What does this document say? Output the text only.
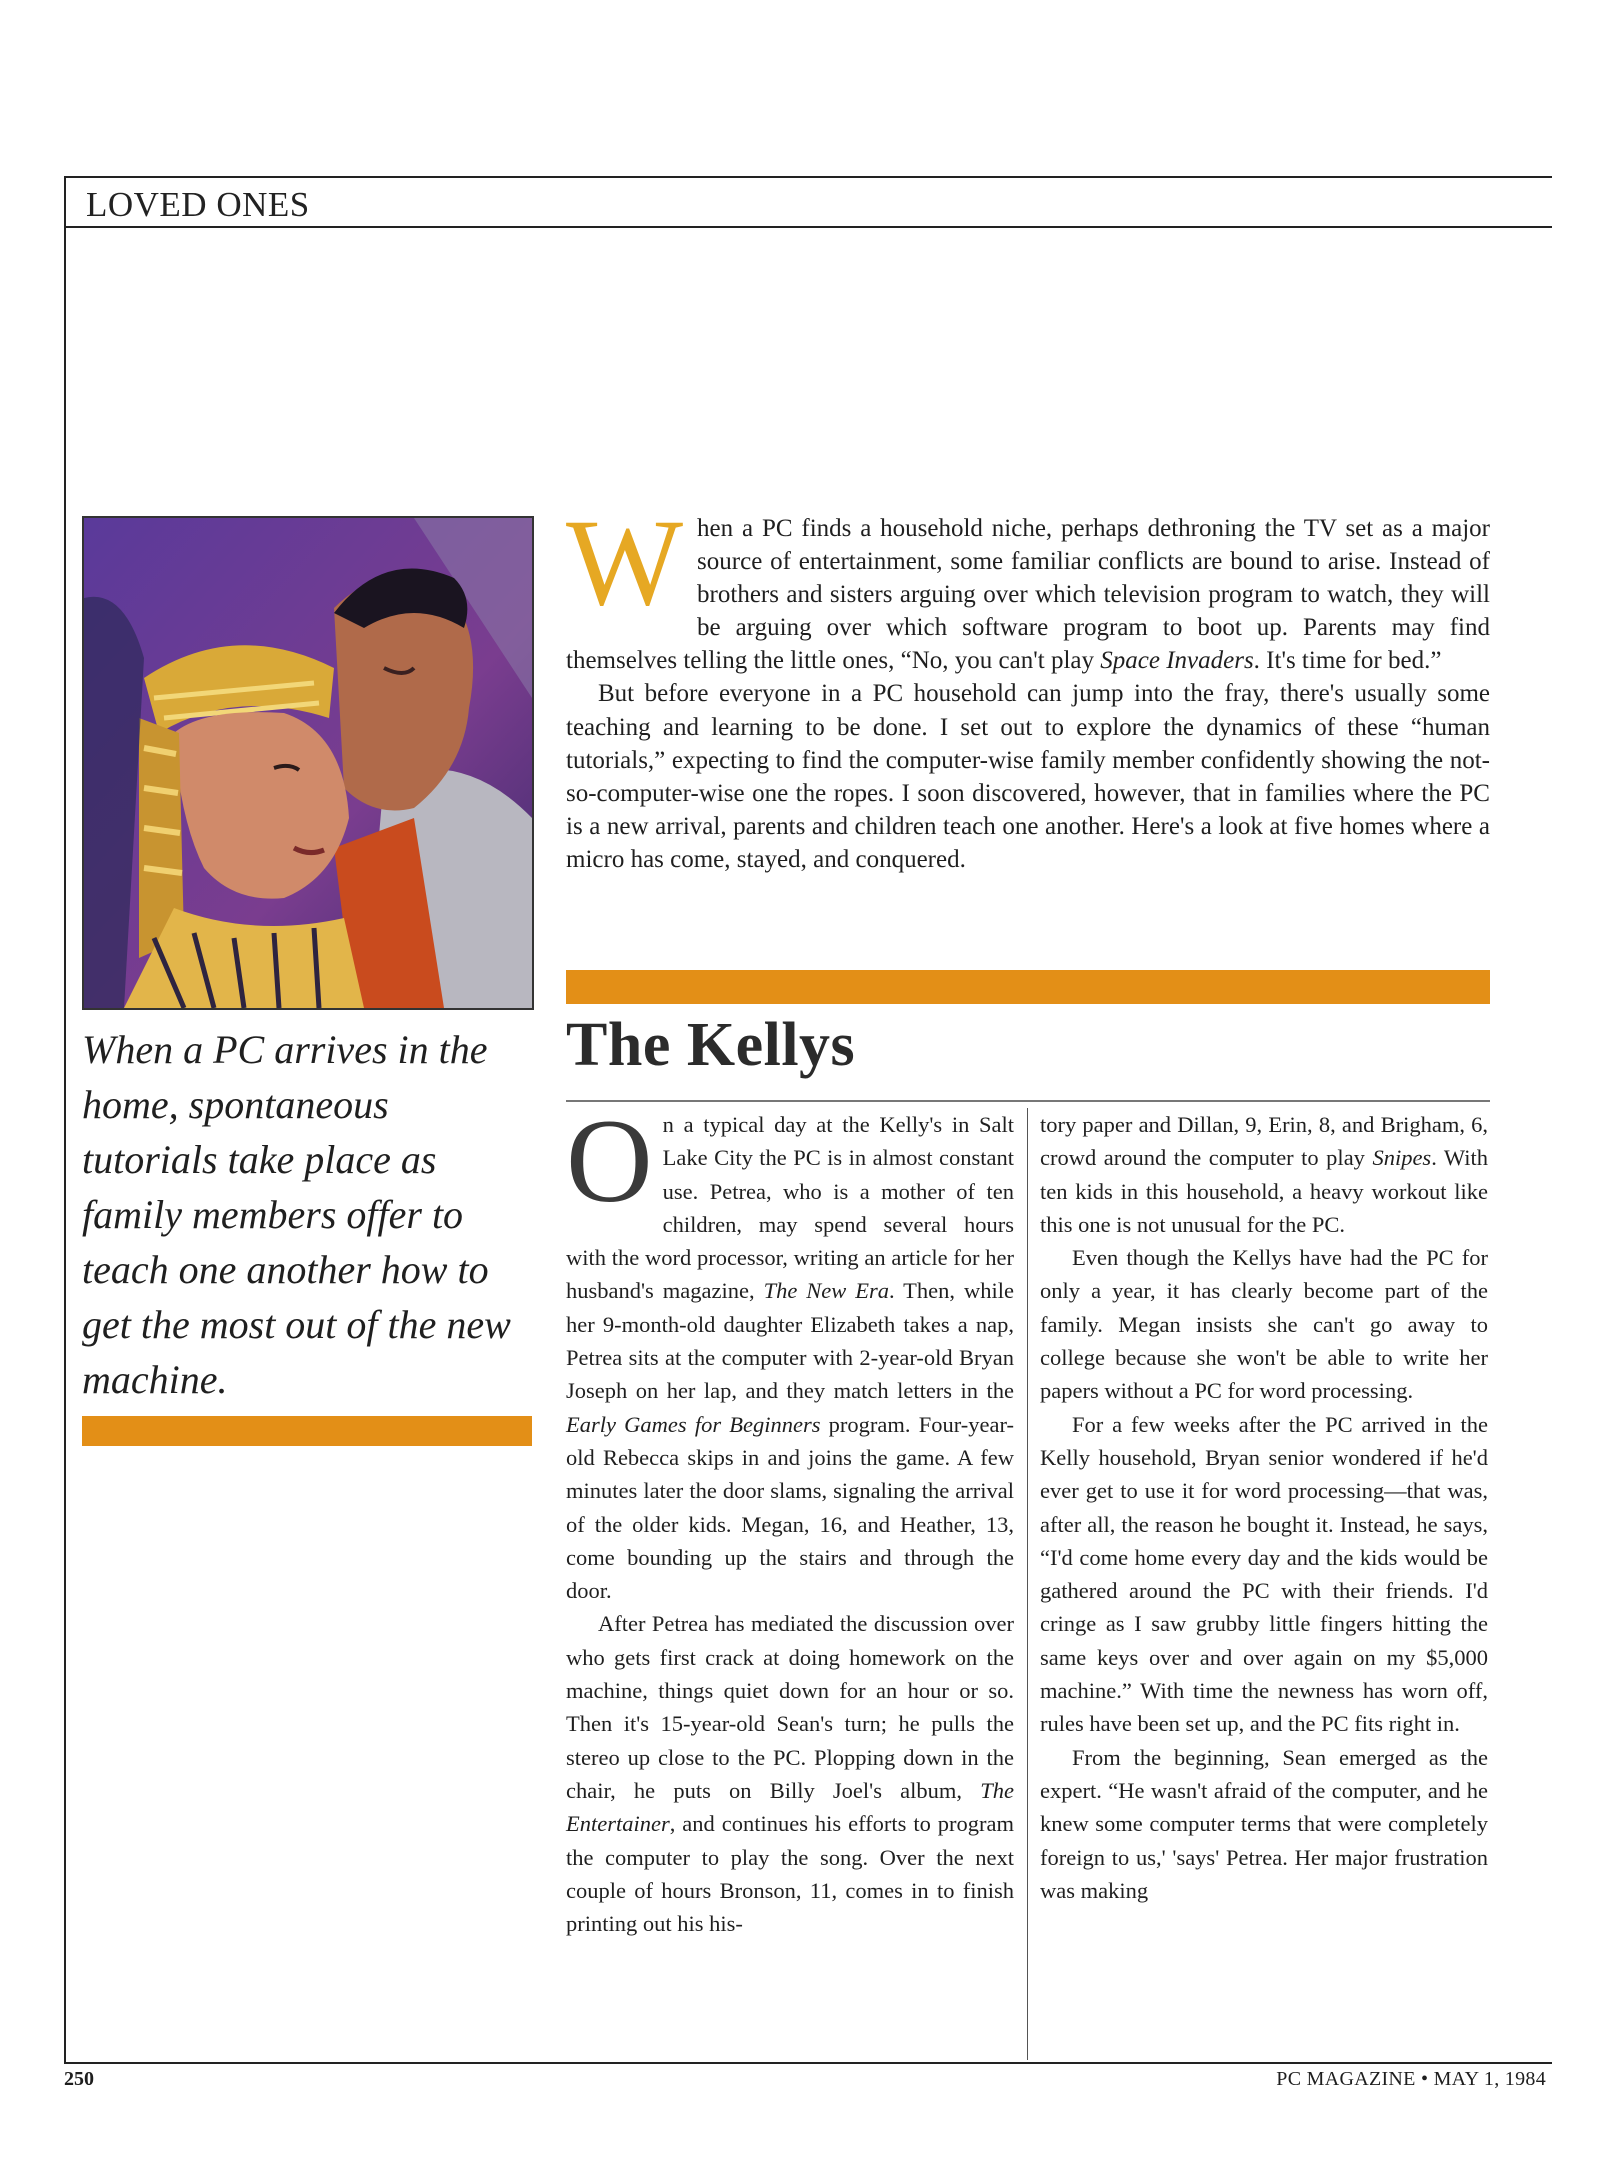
LOVED ONES
When a PC arrives in the home, spontaneous tutorials take place as family members offer to teach one another how to get the most out of the new machine.

When a PC finds a household niche, perhaps dethroning the TV set as a major source of entertainment, some familiar conflicts are bound to arise. Instead of brothers and sisters arguing over which television program to watch, they will be arguing over which software program to boot up. Parents may find themselves telling the little ones, “No, you can't play Space Invaders. It's time for bed.”

But before everyone in a PC household can jump into the fray, there's usually some teaching and learning to be done. I set out to explore the dynamics of these “human tutorials,” expecting to find the computer-wise family member confidently showing the not-so-computer-wise one the ropes. I soon discovered, however, that in families where the PC is a new arrival, parents and children teach one another. Here's a look at five homes where a micro has come, stayed, and conquered.

The Kellys

On a typical day at the Kelly's in Salt Lake City the PC is in almost constant use. Petrea, who is a mother of ten children, may spend several hours with the word processor, writing an article for her husband's magazine, The New Era. Then, while her 9-month-old daughter Elizabeth takes a nap, Petrea sits at the computer with 2-year-old Bryan Joseph on her lap, and they match letters in the Early Games for Beginners program. Four-year-old Rebecca skips in and joins the game. A few minutes later the door slams, signaling the arrival of the older kids. Megan, 16, and Heather, 13, come bounding up the stairs and through the door.

After Petrea has mediated the discussion over who gets first crack at doing homework on the machine, things quiet down for an hour or so. Then it's 15-year-old Sean's turn; he pulls the stereo up close to the PC. Plopping down in the chair, he puts on Billy Joel's album, The Entertainer, and continues his efforts to program the computer to play the song. Over the next couple of hours Bronson, 11, comes in to finish printing out his his-

tory paper and Dillan, 9, Erin, 8, and Brigham, 6, crowd around the computer to play Snipes. With ten kids in this household, a heavy workout like this one is not unusual for the PC.

Even though the Kellys have had the PC for only a year, it has clearly become part of the family. Megan insists she can't go away to college because she won't be able to write her papers without a PC for word processing.

For a few weeks after the PC arrived in the Kelly household, Bryan senior wondered if he'd ever get to use it for word processing—that was, after all, the reason he bought it. Instead, he says, “I'd come home every day and the kids would be gathered around the PC with their friends. I'd cringe as I saw grubby little fingers hitting the same keys over and over again on my $5,000 machine.” With time the newness has worn off, rules have been set up, and the PC fits right in.

From the beginning, Sean emerged as the expert. “He wasn't afraid of the computer, and he knew some computer terms that were completely foreign to us,' 'says' Petrea. Her major frustration was making

250	PC MAGAZINE • MAY 1, 1984
